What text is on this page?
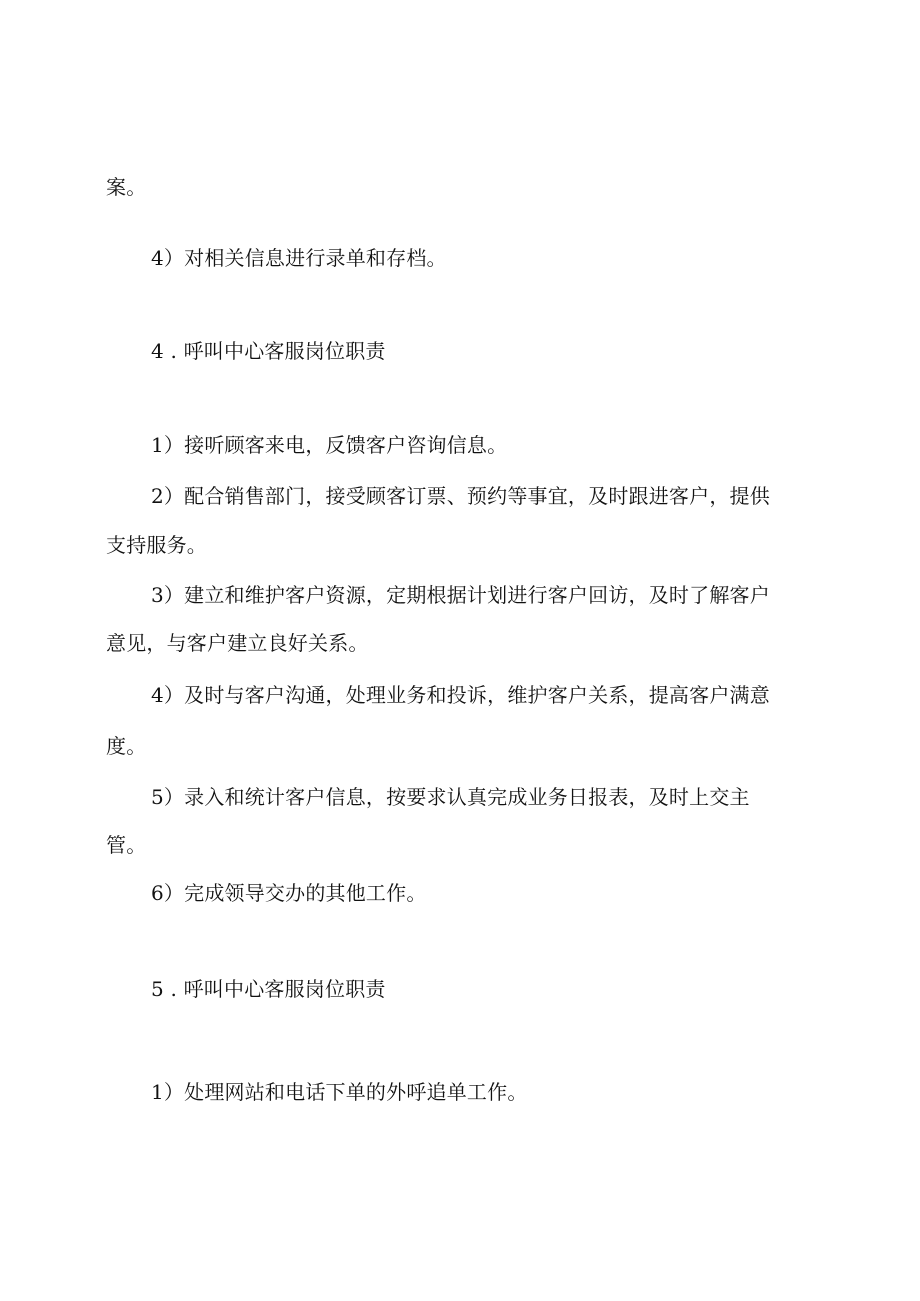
案。
4）对相关信息进行录单和存档。
4 . 呼叫中心客服岗位职责
1）接听顾客来电，反馈客户咨询信息。
2）配合销售部门，接受顾客订票、预约等事宜，及时跟进客户，提供
支持服务。
3）建立和维护客户资源，定期根据计划进行客户回访，及时了解客户
意见，与客户建立良好关系。
4）及时与客户沟通，处理业务和投诉，维护客户关系，提高客户满意
度。
5）录入和统计客户信息，按要求认真完成业务日报表，及时上交主
管。
6）完成领导交办的其他工作。
5 . 呼叫中心客服岗位职责
1）处理网站和电话下单的外呼追单工作。
